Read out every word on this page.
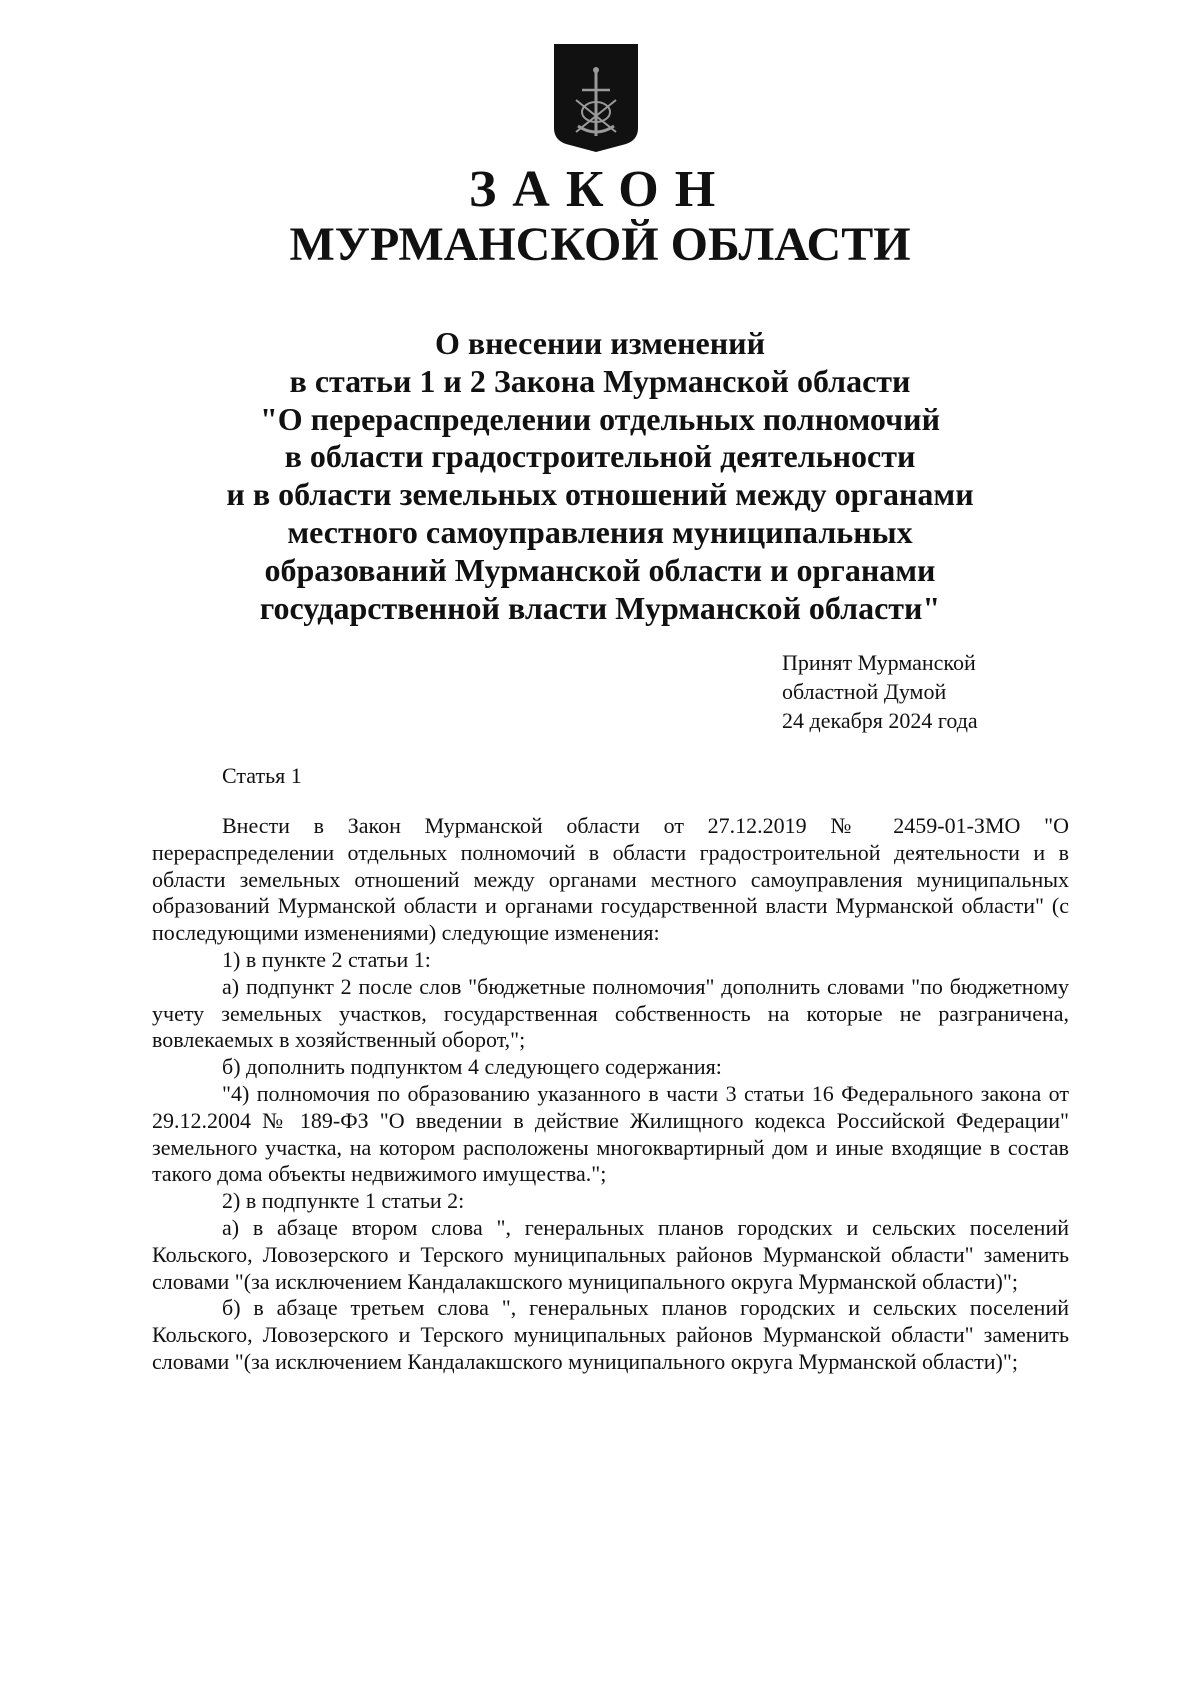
ЗАКОН
МУРМАНСКОЙ ОБЛАСТИ
О внесении изменений
в статьи 1 и 2 Закона Мурманской области
"О перераспределении отдельных полномочий
в области градостроительной деятельности
и в области земельных отношений между органами
местного самоуправления муниципальных
образований Мурманской области и органами
государственной власти Мурманской области"
Принят Мурманской
областной Думой
24 декабря 2024 года
Статья 1

Внести в Закон Мурманской области от 27.12.2019 № 2459-01-ЗМО "О перераспределении отдельных полномочий в области градостроительной деятельности и в области земельных отношений между органами местного самоуправления муниципальных образований Мурманской области и органами государственной власти Мурманской области" (с последующими изменениями) следующие изменения:

1) в пункте 2 статьи 1:

а) подпункт 2 после слов "бюджетные полномочия" дополнить словами "по бюджетному учету земельных участков, государственная собственность на которые не разграничена, вовлекаемых в хозяйственный оборот,";

б) дополнить подпунктом 4 следующего содержания:

"4) полномочия по образованию указанного в части 3 статьи 16 Федерального закона от 29.12.2004 № 189-ФЗ "О введении в действие Жилищного кодекса Российской Федерации" земельного участка, на котором расположены многоквартирный дом и иные входящие в состав такого дома объекты недвижимого имущества.";

2) в подпункте 1 статьи 2:

а) в абзаце втором слова ", генеральных планов городских и сельских поселений Кольского, Ловозерского и Терского муниципальных районов Мурманской области" заменить словами "(за исключением Кандалакшского муниципального округа Мурманской области)";

б) в абзаце третьем слова ", генеральных планов городских и сельских поселений Кольского, Ловозерского и Терского муниципальных районов Мурманской области" заменить словами "(за исключением Кандалакшского муниципального округа Мурманской области)";
